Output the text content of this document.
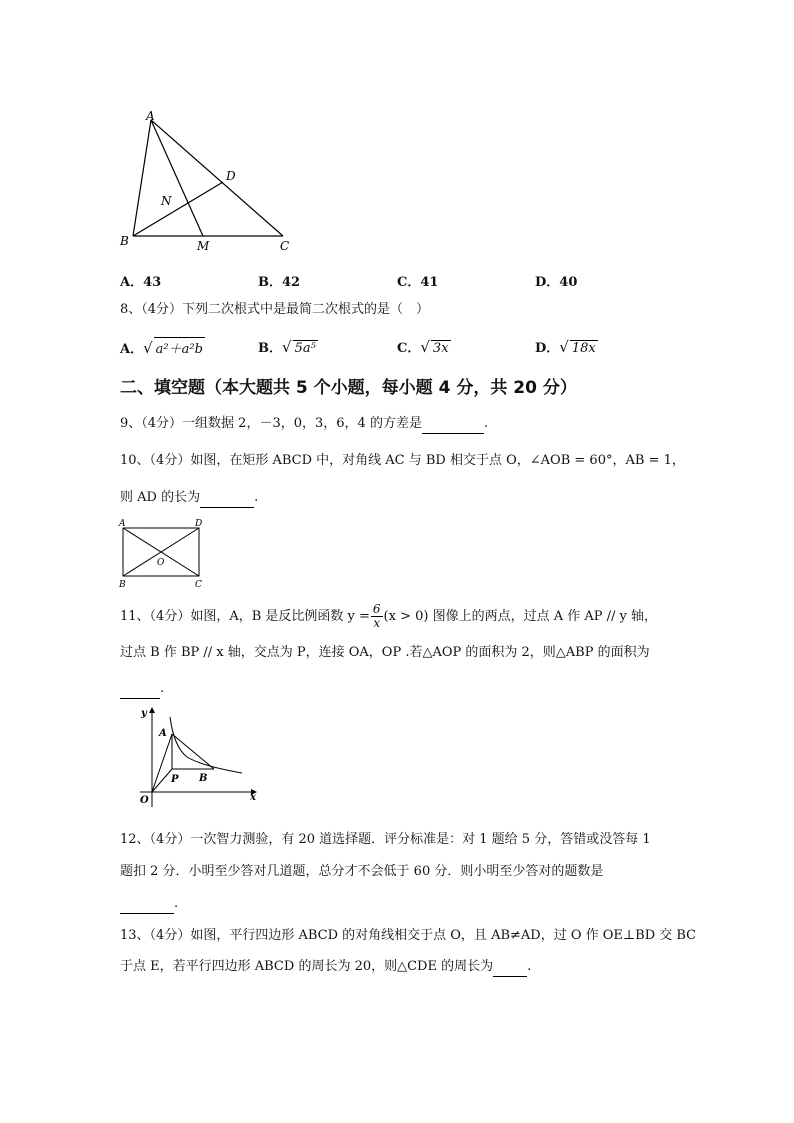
A
D
N
B	M	C
A．43	B．42	C．41	D．40
8、（4分）下列二次根式中是最简二次根式的是（　）
A．√ a²＋a²b	B．√ 5a⁵	C．√ 3x	D．√ 18x
二、填空题（本大题共 5 个小题，每小题 4 分，共 20 分）
9、（4分）一组数据 2，－3，0，3，6，4 的方差是	.
10、（4分）如图，在矩形 ABCD 中，对角线 AC 与 BD 相交于点 O，∠AOB = 60°，AB = 1，
则 AD 的长为	.
A	D
O
B	C
11、（4分）如图，A，B 是反比例函数 $y = \frac{6}{x} (x > 0)$ 图像上的两点，过点 A 作 AP // y 轴，
过点 B 作 BP // x 轴，交点为 P，连接 OA，OP .若△AOP 的面积为 2，则△ABP 的面积为
.
y
A
P B
O	x
12、（4分）一次智力测验，有 20 道选择题．评分标准是：对 1 题给 5 分，答错或没答每 1
题扣 2 分．小明至少答对几道题，总分才不会低于 60 分．则小明至少答对的题数是
.
13、（4分）如图，平行四边形 ABCD 的对角线相交于点 O，且 AB≠AD，过 O 作 OE⊥BD 交 BC
于点 E，若平行四边形 ABCD 的周长为 20，则△CDE 的周长为	.
